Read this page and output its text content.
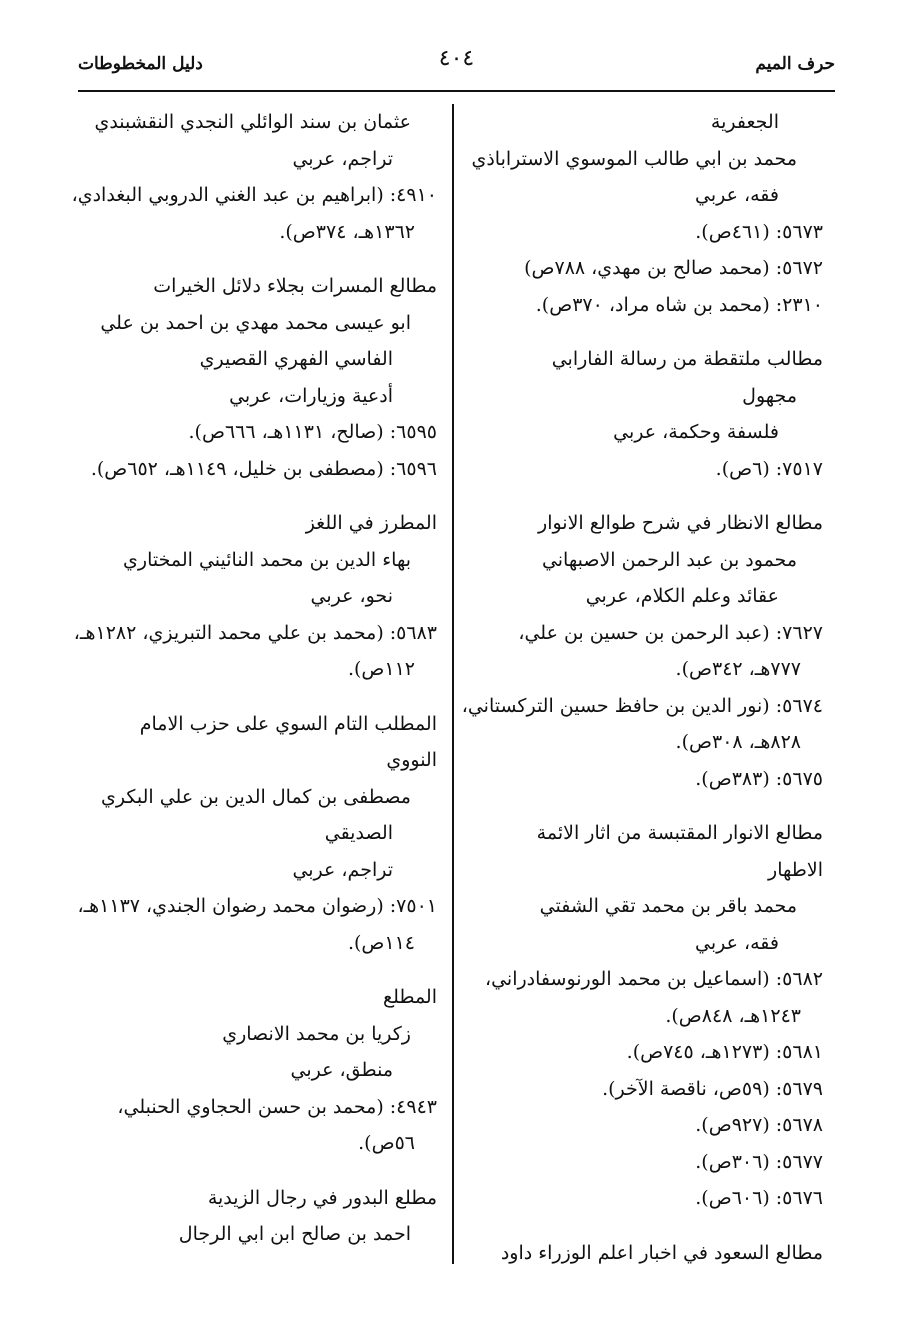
حرف الميم
٤٠٤
دليل المخطوطات
الجعفرية
محمد بن ابي طالب الموسوي الاستراباذي
فقه، عربي
٥٦٧٣: (٤٦١ص).
٥٦٧٢: (محمد صالح بن مهدي، ٧٨٨ص)
٢٣١٠: (محمد بن شاه مراد، ٣٧٠ص).
مطالب ملتقطة من رسالة الفارابي
مجهول
فلسفة وحكمة، عربي
٧٥١٧: (٦ص).
مطالع الانظار في شرح طوالع الانوار
محمود بن عبد الرحمن الاصبهاني
عقائد وعلم الكلام، عربي
٧٦٢٧: (عبد الرحمن بن حسين بن علي،
٧٧٧هـ، ٣٤٢ص).
٥٦٧٤: (نور الدين بن حافظ حسين التركستاني،
٨٢٨هـ، ٣٠٨ص).
٥٦٧٥: (٣٨٣ص).
مطالع الانوار المقتبسة من اثار الائمة
الاطهار
محمد باقر بن محمد تقي الشفتي
فقه، عربي
٥٦٨٢: (اسماعيل بن محمد الورنوسفادراني،
١٢٤٣هـ، ٨٤٨ص).
٥٦٨١: (١٢٧٣هـ، ٧٤٥ص).
٥٦٧٩: (٥٩ص، ناقصة الآخر).
٥٦٧٨: (٩٢٧ص).
٥٦٧٧: (٣٠٦ص).
٥٦٧٦: (٦٠٦ص).
مطالع السعود في اخبار اعلم الوزراء داود
عثمان بن سند الوائلي النجدي النقشبندي
تراجم، عربي
٤٩١٠: (ابراهيم بن عبد الغني الدروبي البغدادي،
١٣٦٢هـ، ٣٧٤ص).
مطالع المسرات بجلاء دلائل الخيرات
ابو عيسى محمد مهدي بن احمد بن علي
الفاسي الفهري القصيري
أدعية وزيارات، عربي
٦٥٩٥: (صالح، ١١٣١هـ، ٦٦٦ص).
٦٥٩٦: (مصطفى بن خليل، ١١٤٩هـ، ٦٥٢ص).
المطرز في اللغز
بهاء الدين بن محمد النائيني المختاري
نحو، عربي
٥٦٨٣: (محمد بن علي محمد التبريزي، ١٢٨٢هـ،
١١٢ص).
المطلب التام السوي على حزب الامام
النووي
مصطفى بن كمال الدين بن علي البكري
الصديقي
تراجم، عربي
٧٥٠١: (رضوان محمد رضوان الجندي، ١١٣٧هـ،
١١٤ص).
المطلع
زكريا بن محمد الانصاري
منطق، عربي
٤٩٤٣: (محمد بن حسن الحجاوي الحنبلي،
٥٦ص).
مطلع البدور في رجال الزيدية
احمد بن صالح ابن ابي الرجال
